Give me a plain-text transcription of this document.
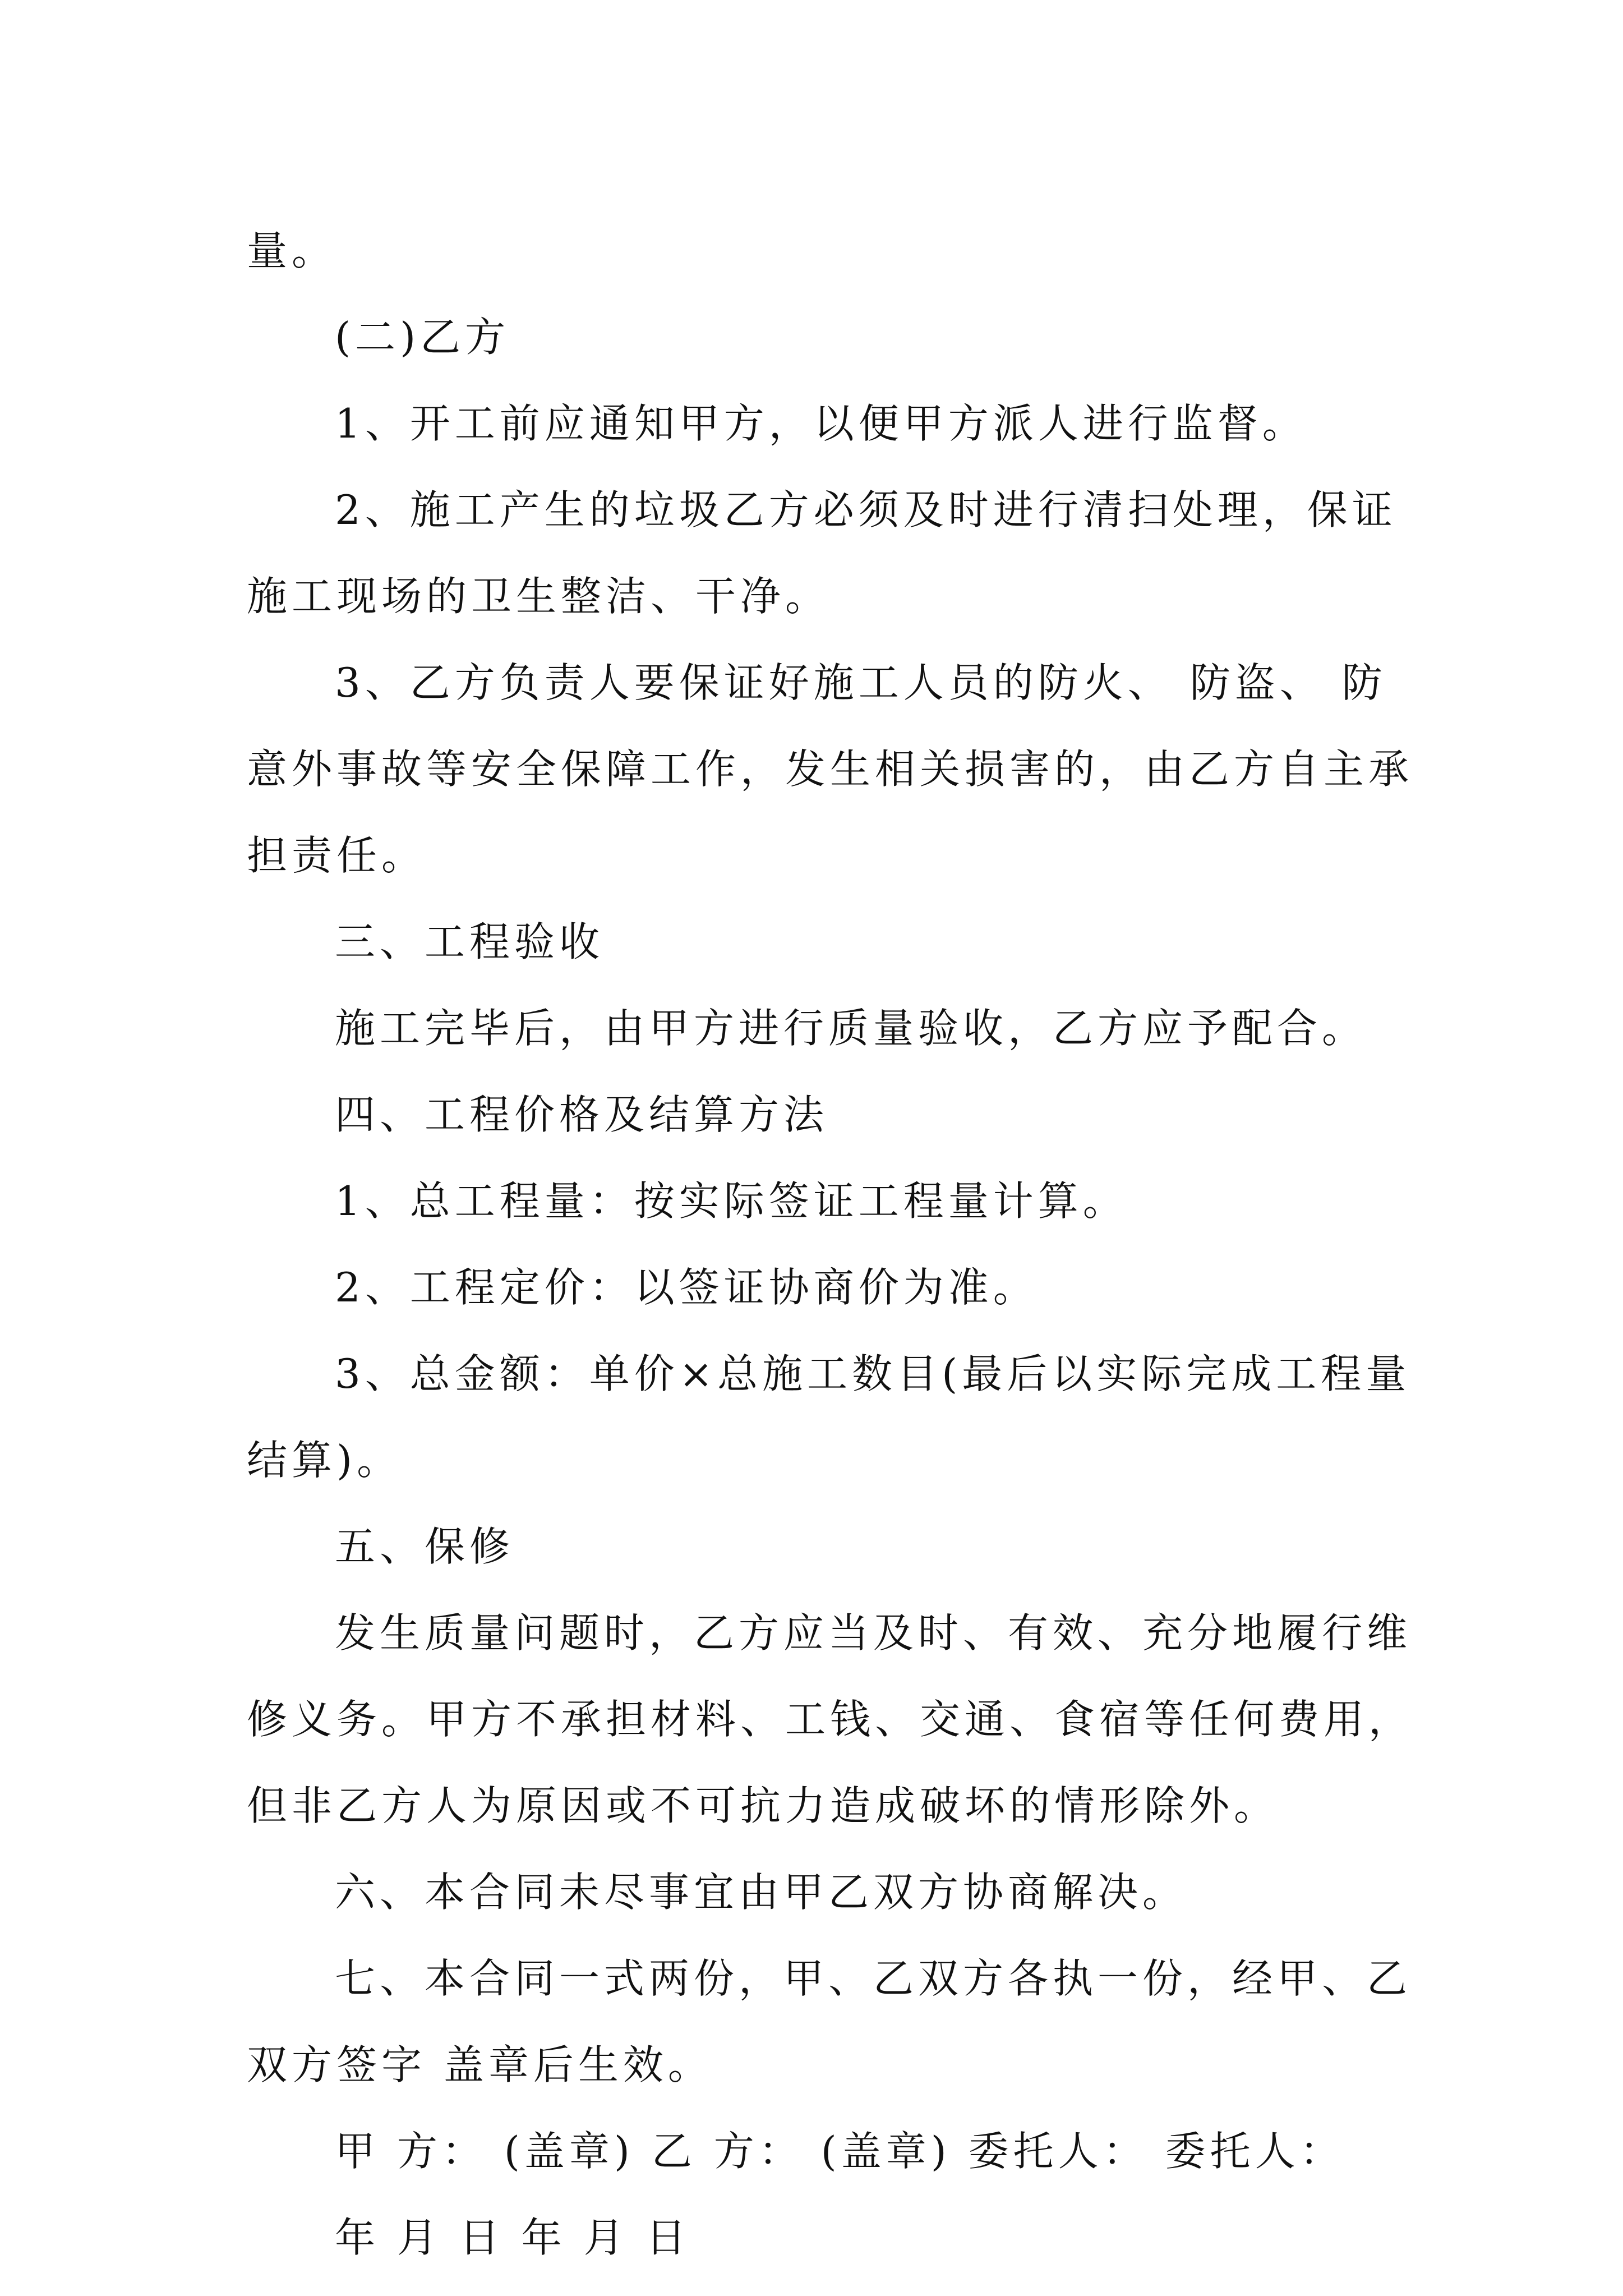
量。
(二)乙方
1、开工前应通知甲方，以便甲方派人进行监督。
2、施工产生的垃圾乙方必须及时进行清扫处理，保证
施工现场的卫生整洁、干净。
3、乙方负责人要保证好施工人员的防火、 防盗、 防
意外事故等安全保障工作，发生相关损害的，由乙方自主承
担责任。
三、工程验收
施工完毕后，由甲方进行质量验收，乙方应予配合。
四、工程价格及结算方法
1、总工程量：按实际签证工程量计算。
2、工程定价：以签证协商价为准。
3、总金额：单价×总施工数目(最后以实际完成工程量
结算)。
五、保修
发生质量问题时，乙方应当及时、有效、充分地履行维
修义务。甲方不承担材料、工钱、交通、食宿等任何费用，
但非乙方人为原因或不可抗力造成破坏的情形除外。
六、本合同未尽事宜由甲乙双方协商解决。
七、本合同一式两份，甲、乙双方各执一份，经甲、乙
双方签字 盖章后生效。
甲 方： (盖章) 乙 方： (盖章) 委托人： 委托人：
年 月 日 年 月 日
